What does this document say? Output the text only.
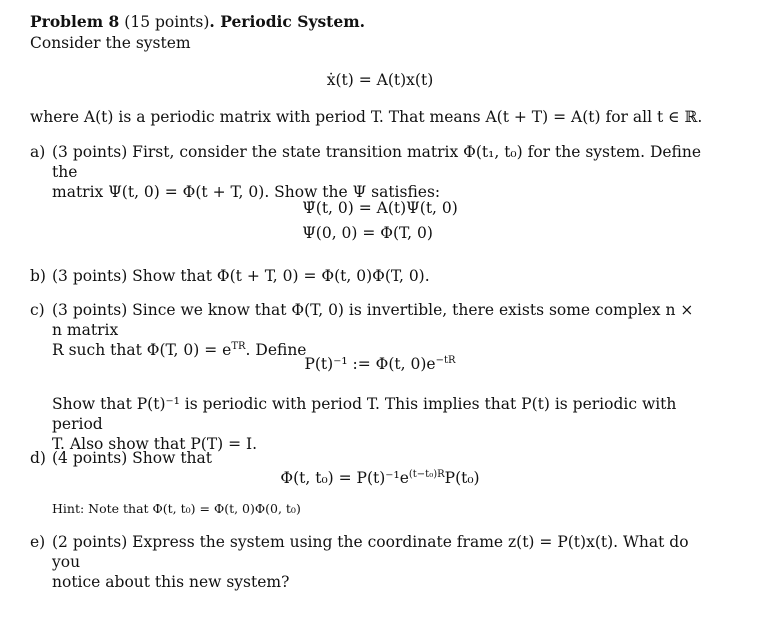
Problem 8 (15 points). Periodic System.
Consider the system
ẋ(t) = A(t)x(t)
where A(t) is a periodic matrix with period T. That means A(t + T) = A(t) for all t ∈ ℝ.
a) (3 points) First, consider the state transition matrix Φ(t₁, t₀) for the system. Define the
matrix Ψ(t, 0) = Φ(t + T, 0). Show the Ψ satisfies:
Ψ̇(t, 0) = A(t)Ψ(t, 0)
Ψ(0, 0) = Φ(T, 0)
b) (3 points) Show that Φ(t + T, 0) = Φ(t, 0)Φ(T, 0).
c) (3 points) Since we know that Φ(T, 0) is invertible, there exists some complex n × n matrix
R such that Φ(T, $0) = e^{TR}$. Define
P(t)⁻¹ := Φ(t, $0)e^{-tR}$
Show that P(t)⁻¹ is periodic with period T. This implies that P(t) is periodic with period
T. Also show that P(T) = I.
d) (4 points) Show that
Φ(t, $t_0) = P(t)^{-1}e^{(t-t_0)R}P(t_0)$
Hint: Note that Φ(t, t₀) = Φ(t, 0)Φ(0, t₀)
e) (2 points) Express the system using the coordinate frame z(t) = P(t)x(t). What do you
notice about this new system?
